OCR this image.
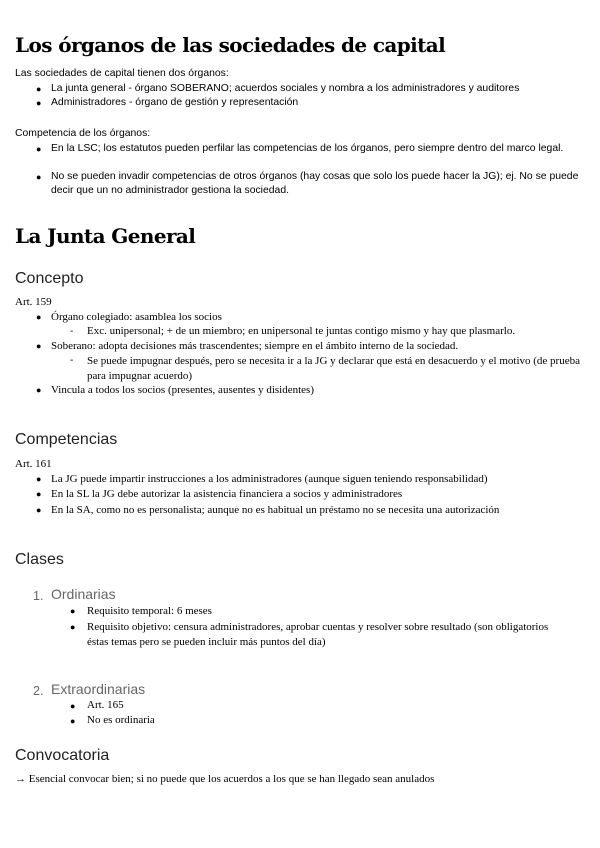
Los órganos de las sociedades de capital
Las sociedades de capital tienen dos órganos:
● La junta general - órgano SOBERANO; acuerdos sociales y nombra a los administradores y auditores
● Administradores - órgano de gestión y representación
Competencia de los órganos:
● En la LSC; los estatutos pueden perfilar las competencias de los órganos, pero siempre dentro del marco legal.
● No se pueden invadir competencias de otros órganos (hay cosas que solo los puede hacer la JG); ej. No se puede decir que un no administrador gestiona la sociedad.
La Junta General
Concepto
Art. 159
● Órgano colegiado: asamblea los socios
- Exc. unipersonal; + de un miembro; en unipersonal te juntas contigo mismo y hay que plasmarlo.
● Soberano: adopta decisiones más trascendentes; siempre en el ámbito interno de la sociedad.
- Se puede impugnar después, pero se necesita ir a la JG y declarar que está en desacuerdo y el motivo (de prueba para impugnar acuerdo)
● Vincula a todos los socios (presentes, ausentes y disidentes)
Competencias
Art. 161
● La JG puede impartir instrucciones a los administradores (aunque siguen teniendo responsabilidad)
● En la SL la JG debe autorizar la asistencia financiera a socios y administradores
● En la SA, como no es personalista; aunque no es habitual un préstamo no se necesita una autorización
Clases
1. Ordinarias
● Requisito temporal: 6 meses
● Requisito objetivo: censura administradores, aprobar cuentas y resolver sobre resultado (son obligatorios éstas temas pero se pueden incluir más puntos del día)
2. Extraordinarias
● Art. 165
● No es ordinaria
Convocatoria
→ Esencial convocar bien; si no puede que los acuerdos a los que se han llegado sean anulados
